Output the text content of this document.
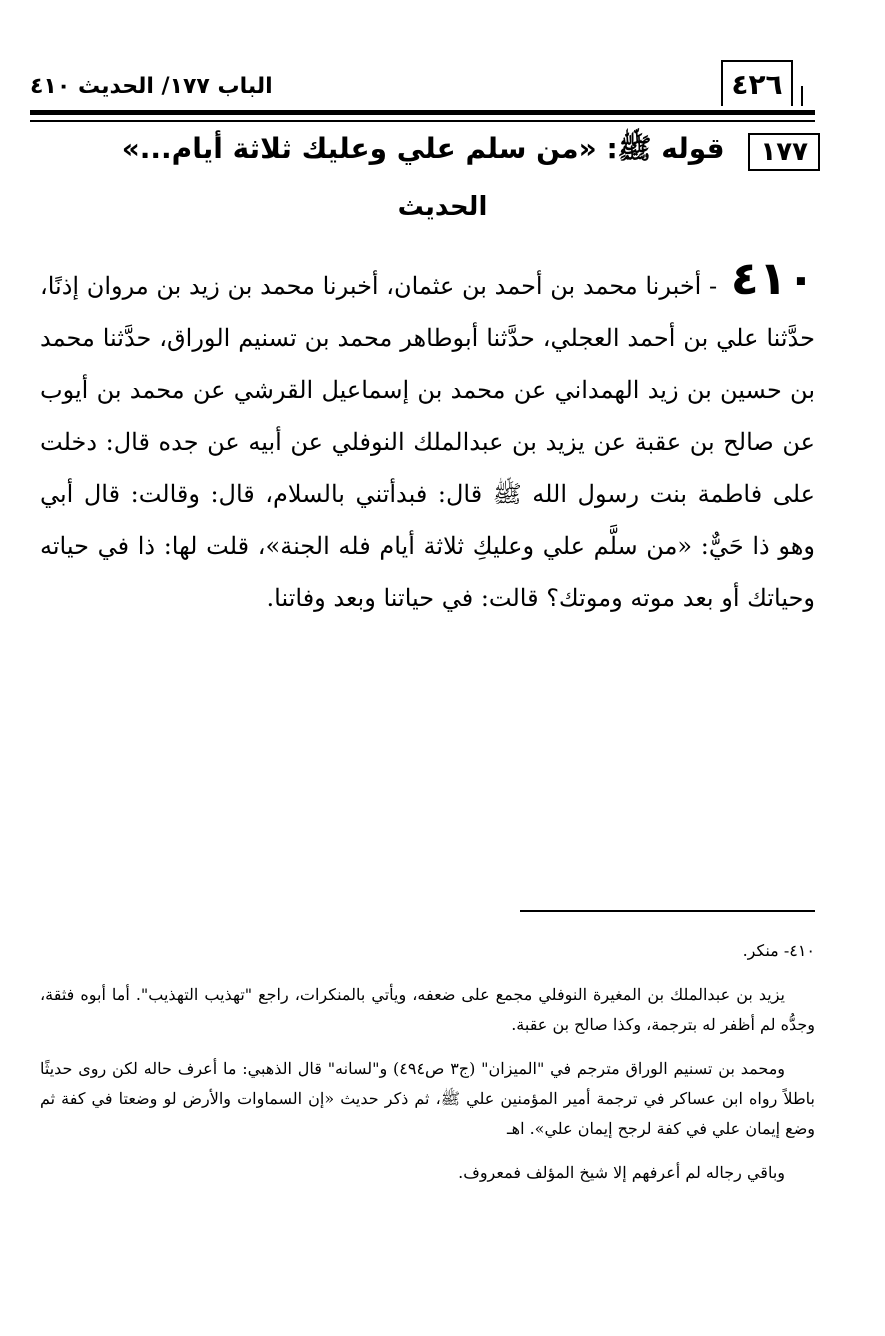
٤٢٦
الباب ١٧٧/ الحديث ٤١٠
١٧٧ قوله ﷺ: «من سلم علي وعليك ثلاثة أيام...»
الحديث
٤١٠ - أخبرنا محمد بن أحمد بن عثمان، أخبرنا محمد بن زيد بن مروان إذنًا، حدَّثنا علي بن أحمد العجلي، حدَّثنا أبوطاهر محمد بن تسنيم الوراق، حدَّثنا محمد بن حسين بن زيد الهمداني عن محمد بن إسماعيل القرشي عن محمد بن أيوب عن صالح بن عقبة عن يزيد بن عبدالملك النوفلي عن أبيه عن جده قال: دخلت على فاطمة بنت رسول الله ﷺ قال: فبدأتني بالسلام، قال: وقالت: قال أبي وهو ذا حَيٌّ: «من سلَّم علي وعليكِ ثلاثة أيام فله الجنة»، قلت لها: ذا في حياته وحياتك أو بعد موته وموتك؟ قالت: في حياتنا وبعد وفاتنا.

٤١٠- منكر.

يزيد بن عبدالملك بن المغيرة النوفلي مجمع على ضعفه، ويأتي بالمنكرات، راجع "تهذيب التهذيب". أما أبوه فثقة، وجدُّه لم أظفر له بترجمة، وكذا صالح بن عقبة.

ومحمد بن تسنيم الوراق مترجم في "الميزان" (ج٣ ص٤٩٤) و"لسانه" قال الذهبي: ما أعرف حاله لكن روى حديثًا باطلاً رواه ابن عساكر في ترجمة أمير المؤمنين علي ﷺ، ثم ذكر حديث «إن السماوات والأرض لو وضعتا في كفة ثم وضع إيمان علي في كفة لرجح إيمان علي». اهـ

وباقي رجاله لم أعرفهم إلا شيخ المؤلف فمعروف.
